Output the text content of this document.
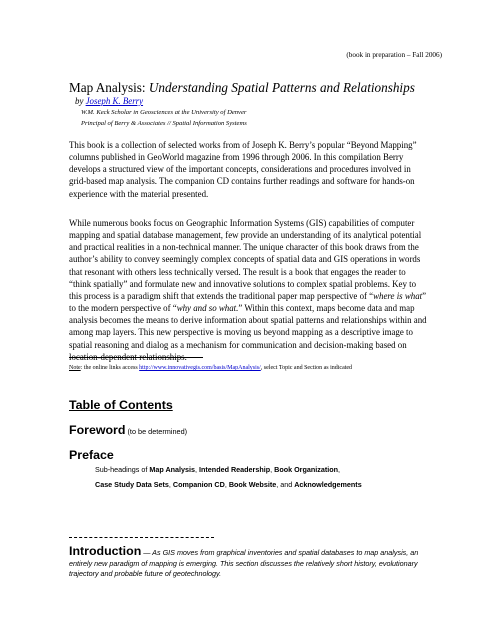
(book in preparation – Fall 2006)
Map Analysis: Understanding Spatial Patterns and Relationships
by Joseph K. Berry
W.M. Keck Scholar in Geosciences at the University of Denver
Principal of Berry & Associates // Spatial Information Systems

This book is a collection of selected works from of Joseph K. Berry’s popular “Beyond Mapping” columns published in GeoWorld magazine from 1996 through 2006. In this compilation Berry develops a structured view of the important concepts, considerations and procedures involved in grid-based map analysis. The companion CD contains further readings and software for hands-on experience with the material presented.

While numerous books focus on Geographic Information Systems (GIS) capabilities of computer mapping and spatial database management, few provide an understanding of its analytical potential and practical realities in a non-technical manner. The unique character of this book draws from the author’s ability to convey seemingly complex concepts of spatial data and GIS operations in words that resonant with others less technically versed. The result is a book that engages the reader to “think spatially” and formulate new and innovative solutions to complex spatial problems. Key to this process is a paradigm shift that extends the traditional paper map perspective of “where is what” to the modern perspective of “why and so what.” Within this context, maps become data and map analysis becomes the means to derive information about spatial patterns and relationships within and among map layers. This new perspective is moving us beyond mapping as a descriptive image to spatial reasoning and dialog as a mechanism for communication and decision-making based on location-dependent relationships.

Note: the online links access http://www.innovativegis.com/basis/MapAnalysis/, select Topic and Section as indicated
Table of Contents
Foreword (to be determined)
Preface
Sub-headings of Map Analysis, Intended Readership, Book Organization,
Case Study Data Sets, Companion CD, Book Website, and Acknowledgements
Introduction — As GIS moves from graphical inventories and spatial databases to map analysis, an entirely new paradigm of mapping is emerging. This section discusses the relatively short history, evolutionary trajectory and probable future of geotechnology.
